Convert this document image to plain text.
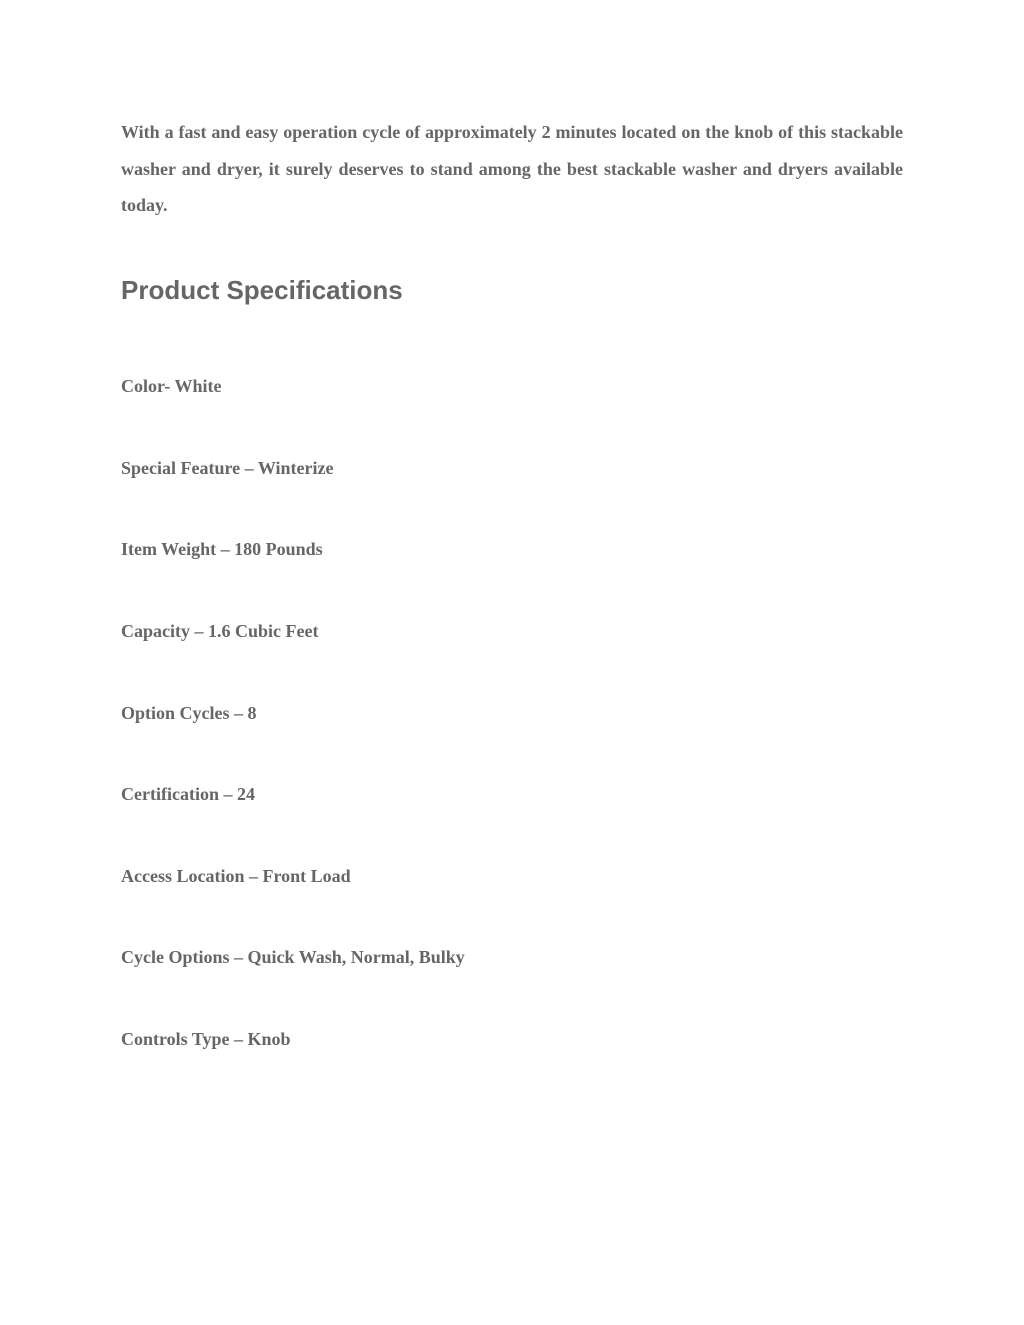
With a fast and easy operation cycle of approximately 2 minutes located on the knob of this stackable washer and dryer, it surely deserves to stand among the best stackable washer and dryers available today.

Product Specifications

Color- White

Special Feature – Winterize

Item Weight – 180 Pounds

Capacity – 1.6 Cubic Feet

Option Cycles – 8

Certification – 24

Access Location – Front Load

Cycle Options – Quick Wash, Normal, Bulky

Controls Type – Knob
